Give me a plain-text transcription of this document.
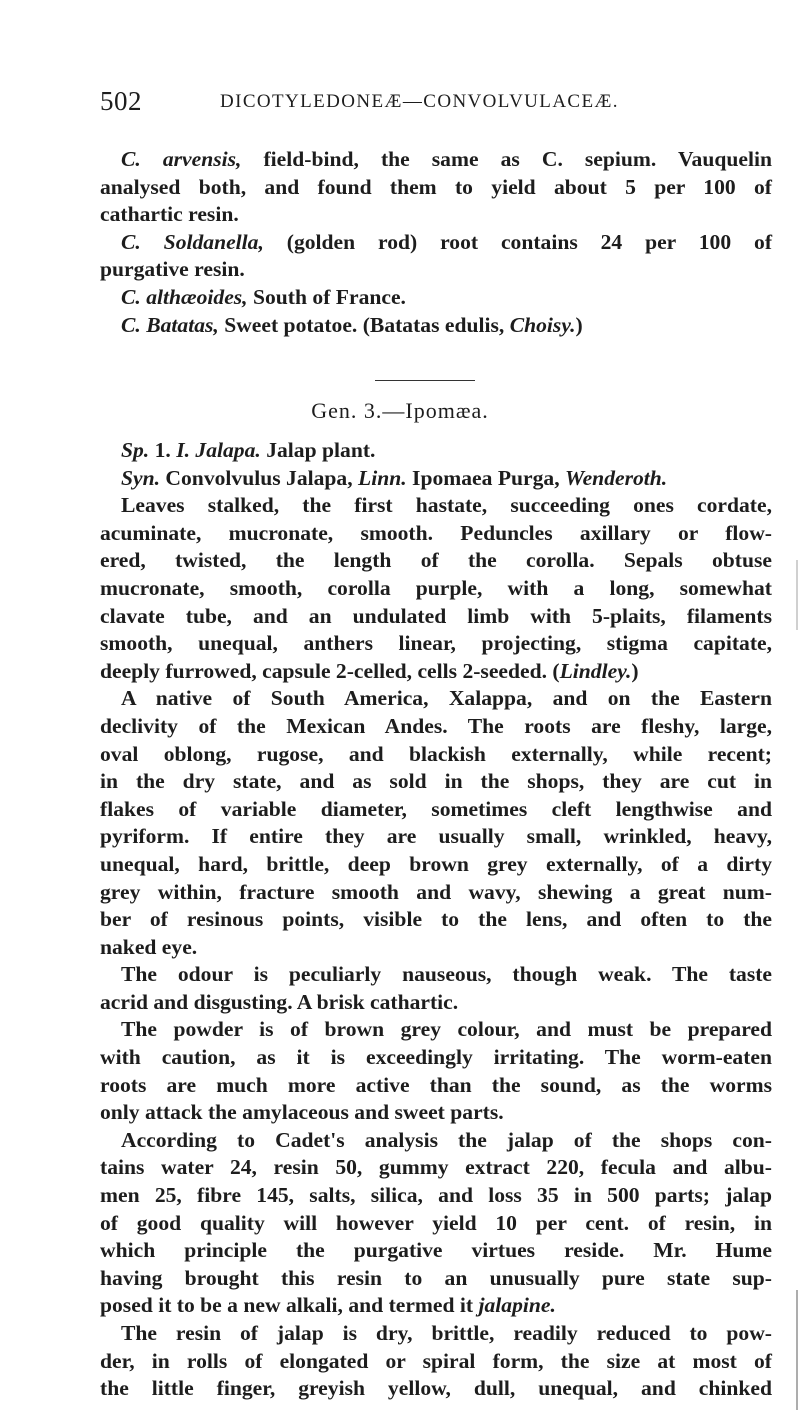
502	DICOTYLEDONEÆ—CONVOLVULACEÆ.
C. arvensis, field-bind, the same as C. sepium. Vauquelin
analysed both, and found them to yield about 5 per 100 of
cathartic resin.
C. Soldanella, (golden rod) root contains 24 per 100 of
purgative resin.
C. althæoides, South of France.
C. Batatas, Sweet potatoe. (Batatas edulis, Choisy.)
Gen. 3.—Ipomæa.
Sp. 1. I. Jalapa. Jalap plant.
Syn. Convolvulus Jalapa, Linn. Ipomaea Purga, Wenderoth.
Leaves stalked, the first hastate, succeeding ones cordate,
acuminate, mucronate, smooth. Peduncles axillary or flow-
ered, twisted, the length of the corolla. Sepals obtuse
mucronate, smooth, corolla purple, with a long, somewhat
clavate tube, and an undulated limb with 5-plaits, filaments
smooth, unequal, anthers linear, projecting, stigma capitate,
deeply furrowed, capsule 2-celled, cells 2-seeded. (Lindley.)
A native of South America, Xalappa, and on the Eastern
declivity of the Mexican Andes. The roots are fleshy, large,
oval oblong, rugose, and blackish externally, while recent;
in the dry state, and as sold in the shops, they are cut in
flakes of variable diameter, sometimes cleft lengthwise and
pyriform. If entire they are usually small, wrinkled, heavy,
unequal, hard, brittle, deep brown grey externally, of a dirty
grey within, fracture smooth and wavy, shewing a great num-
ber of resinous points, visible to the lens, and often to the
naked eye.
The odour is peculiarly nauseous, though weak. The taste
acrid and disgusting. A brisk cathartic.
The powder is of brown grey colour, and must be prepared
with caution, as it is exceedingly irritating. The worm-eaten
roots are much more active than the sound, as the worms
only attack the amylaceous and sweet parts.
According to Cadet's analysis the jalap of the shops con-
tains water 24, resin 50, gummy extract 220, fecula and albu-
men 25, fibre 145, salts, silica, and loss 35 in 500 parts; jalap
of good quality will however yield 10 per cent. of resin, in
which principle the purgative virtues reside. Mr. Hume
having brought this resin to an unusually pure state sup-
posed it to be a new alkali, and termed it jalapine.
The resin of jalap is dry, brittle, readily reduced to pow-
der, in rolls of elongated or spiral form, the size at most of
the little finger, greyish yellow, dull, unequal, and chinked
